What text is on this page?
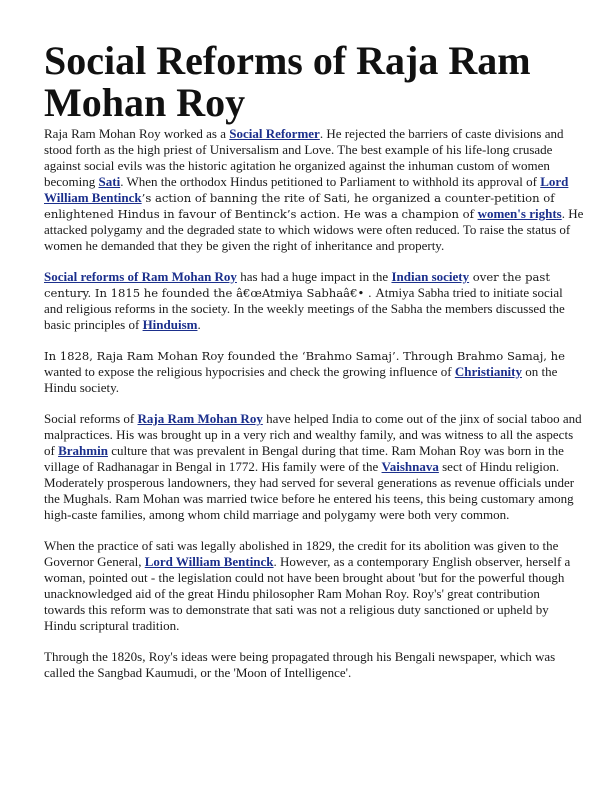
Social Reforms of Raja Ram Mohan Roy

Raja Ram Mohan Roy worked as a Social Reformer. He rejected the barriers of caste divisions and stood forth as the high priest of Universalism and Love. The best example of his life-long crusade against social evils was the historic agitation he organized against the inhuman custom of women becoming Sati. When the orthodox Hindus petitioned to Parliament to withhold its approval of Lord William Bentinck’s action of banning the rite of Sati, he organized a counter-petition of enlightened Hindus in favour of Bentinck’s action. He was a champion of women's rights. He attacked polygamy and the degraded state to which widows were often reduced. To raise the status of women he demanded that they be given the right of inheritance and property.

Social reforms of Ram Mohan Roy has had a huge impact in the Indian society over the past century. In 1815 he founded the â€œAtmiya Sabhaâ€• . Atmiya Sabha tried to initiate social and religious reforms in the society. In the weekly meetings of the Sabha the members discussed the basic principles of Hinduism.

In 1828, Raja Ram Mohan Roy founded the ‘Brahmo Samaj’. Through Brahmo Samaj, he wanted to expose the religious hypocrisies and check the growing influence of Christianity on the Hindu society.

Social reforms of Raja Ram Mohan Roy have helped India to come out of the jinx of social taboo and malpractices. His was brought up in a very rich and wealthy family, and was witness to all the aspects of Brahmin culture that was prevalent in Bengal during that time. Ram Mohan Roy was born in the village of Radhanagar in Bengal in 1772. His family were of the Vaishnava sect of Hindu religion. Moderately prosperous landowners, they had served for several generations as revenue officials under the Mughals. Ram Mohan was married twice before he entered his teens, this being customary among high-caste families, among whom child marriage and polygamy were both very common.

When the practice of sati was legally abolished in 1829, the credit for its abolition was given to the Governor General, Lord William Bentinck. However, as a contemporary English observer, herself a woman, pointed out - the legislation could not have been brought about 'but for the powerful though unacknowledged aid of the great Hindu philosopher Ram Mohan Roy. Roy's' great contribution towards this reform was to demonstrate that sati was not a religious duty sanctioned or upheld by Hindu scriptural tradition.

Through the 1820s, Roy's ideas were being propagated through his Bengali newspaper, which was called the Sangbad Kaumudi, or the 'Moon of Intelligence'.
